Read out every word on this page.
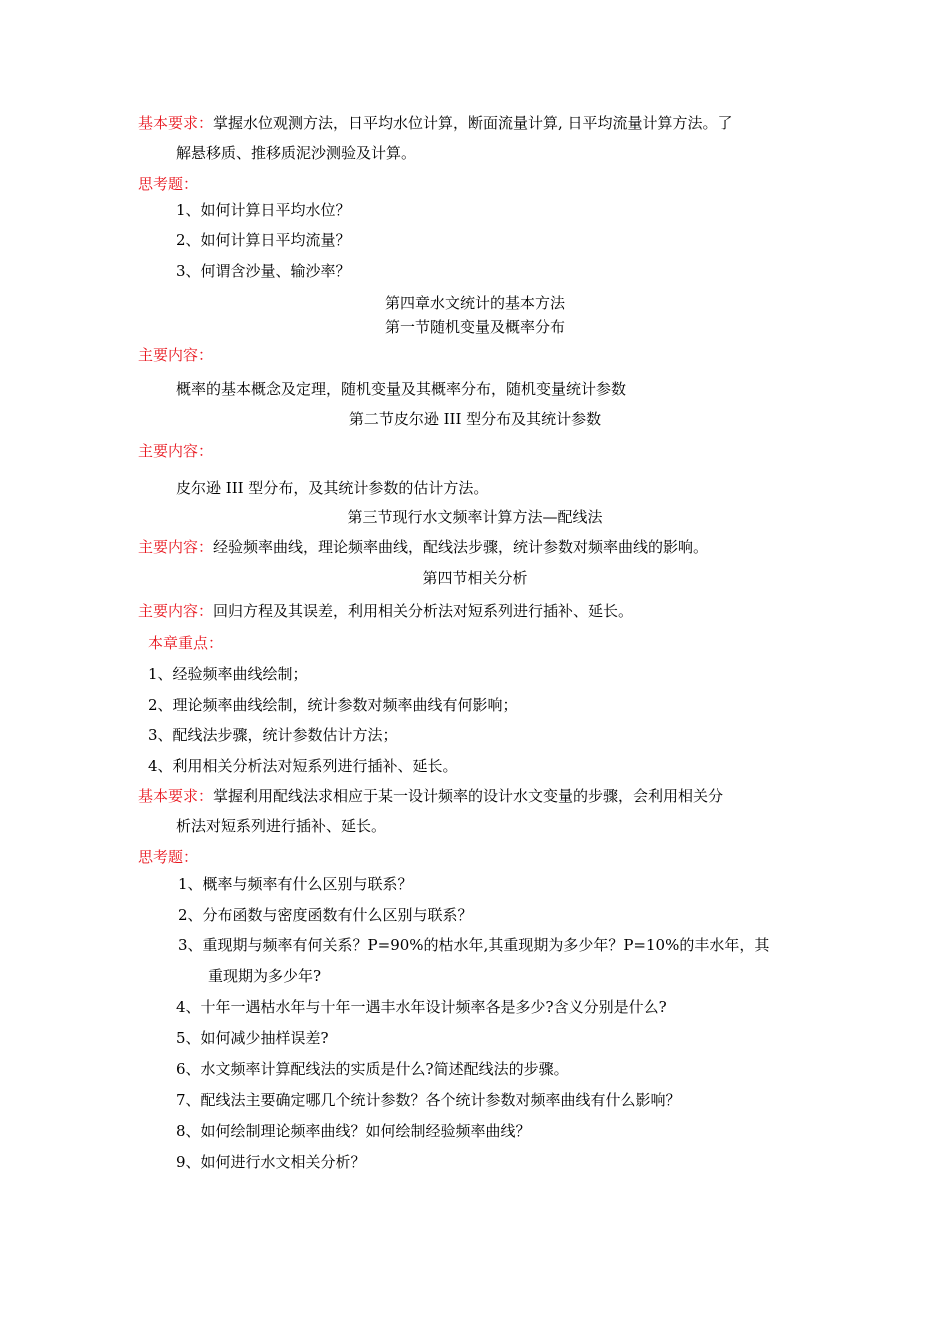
基本要求：掌握水位观测方法，日平均水位计算，断面流量计算, 日平均流量计算方法。了
解悬移质、推移质泥沙测验及计算。
思考题：
1、如何计算日平均水位？
2、如何计算日平均流量？
3、何谓含沙量、输沙率？
第四章水文统计的基本方法
第一节随机变量及概率分布
主要内容：
概率的基本概念及定理，随机变量及其概率分布，随机变量统计参数
第二节皮尔逊 III 型分布及其统计参数
主要内容：
皮尔逊 III 型分布，及其统计参数的估计方法。
第三节现行水文频率计算方法—配线法
主要内容：经验频率曲线，理论频率曲线，配线法步骤，统计参数对频率曲线的影响。
第四节相关分析
主要内容：回归方程及其误差，利用相关分析法对短系列进行插补、延长。
本章重点：
1、经验频率曲线绘制；
2、理论频率曲线绘制，统计参数对频率曲线有何影响；
3、配线法步骤，统计参数估计方法；
4、利用相关分析法对短系列进行插补、延长。
基本要求：掌握利用配线法求相应于某一设计频率的设计水文变量的步骤，会利用相关分
析法对短系列进行插补、延长。
思考题：
1、概率与频率有什么区别与联系？
2、分布函数与密度函数有什么区别与联系？
3、重现期与频率有何关系？P=90%的枯水年,其重现期为多少年？P=10%的丰水年，其
重现期为多少年?
4、十年一遇枯水年与十年一遇丰水年设计频率各是多少?含义分别是什么?
5、如何减少抽样误差?
6、水文频率计算配线法的实质是什么?简述配线法的步骤。
7、配线法主要确定哪几个统计参数？各个统计参数对频率曲线有什么影响？
8、如何绘制理论频率曲线？如何绘制经验频率曲线？
9、如何进行水文相关分析？
